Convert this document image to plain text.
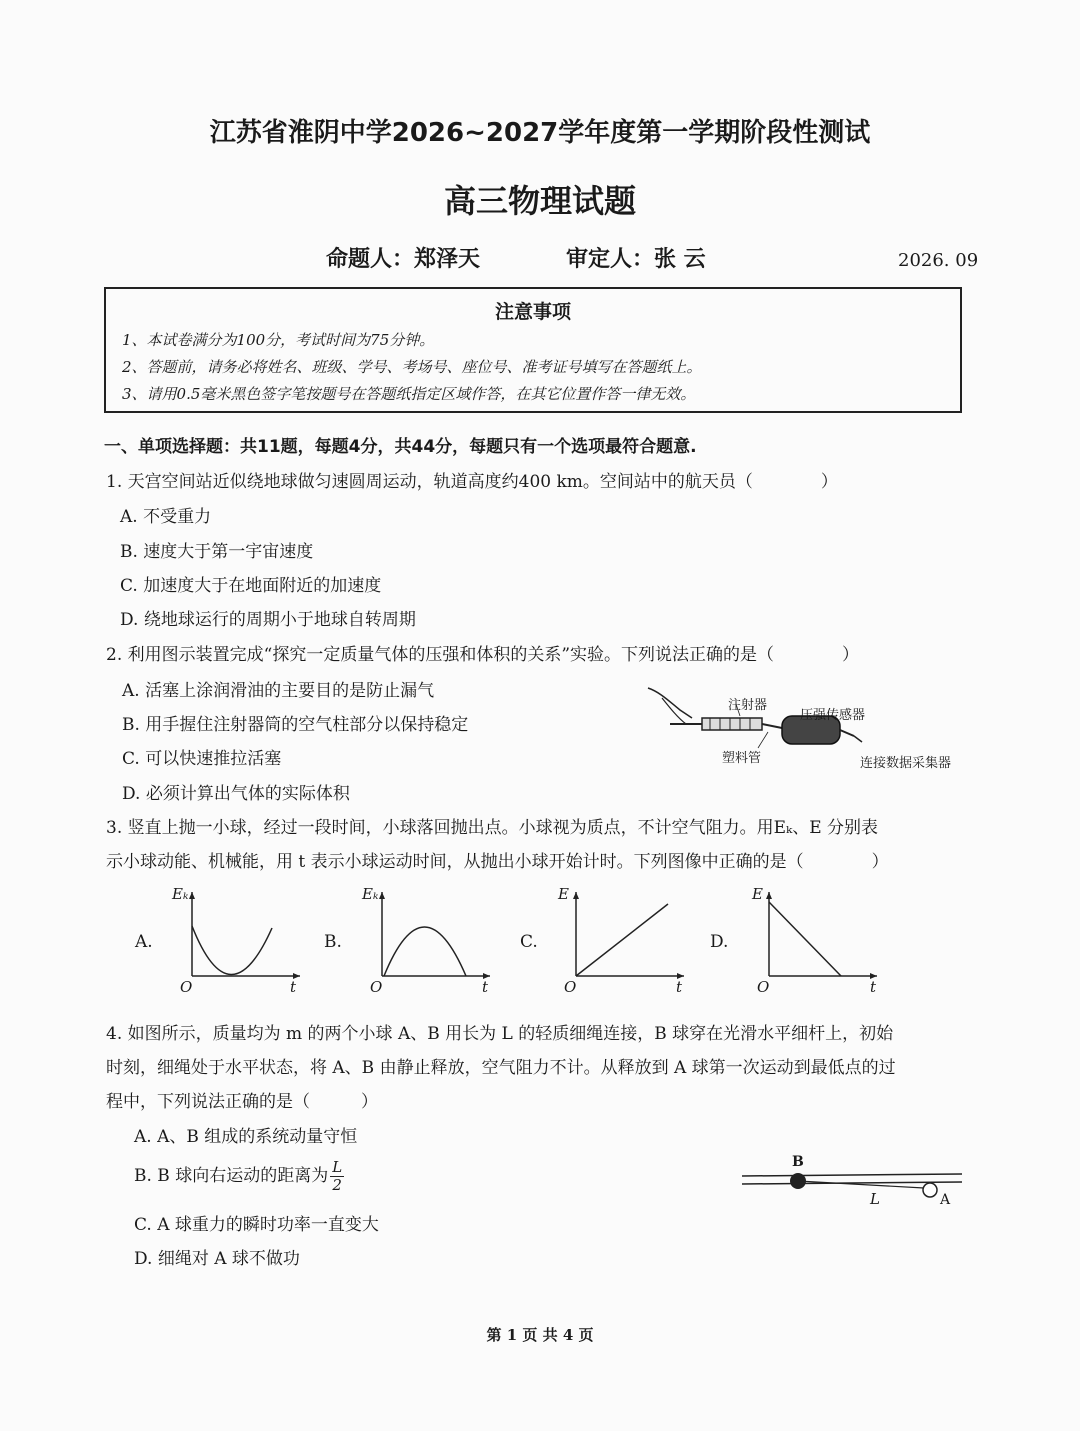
江苏省淮阴中学2026~2027学年度第一学期阶段性测试
高三物理试题
命题人：郑泽天	审定人：张 云	2026. 09
注意事项
1、本试卷满分为100分，考试时间为75分钟。
2、答题前，请务必将姓名、班级、学号、考场号、座位号、准考证号填写在答题纸上。
3、请用0.5毫米黑色签字笔按题号在答题纸指定区域作答，在其它位置作答一律无效。
一、单项选择题：共11题，每题4分，共44分，每题只有一个选项最符合题意.
1. 天宫空间站近似绕地球做匀速圆周运动，轨道高度约400 km。空间站中的航天员（　　　　）
A. 不受重力
B. 速度大于第一宇宙速度
C. 加速度大于在地面附近的加速度
D. 绕地球运行的周期小于地球自转周期
2. 利用图示装置完成“探究一定质量气体的压强和体积的关系”实验。下列说法正确的是（　　　　）
A. 活塞上涂润滑油的主要目的是防止漏气
B. 用手握住注射器筒的空气柱部分以保持稳定
C. 可以快速推拉活塞
D. 必须计算出气体的实际体积
注射器
压强传感器
塑料管	连接数据采集器
3. 竖直上抛一小球，经过一段时间，小球落回抛出点。小球视为质点，不计空气阻力。用Eₖ、E 分别表
示小球动能、机械能，用 t 表示小球运动时间，从抛出小球开始计时。下列图像中正确的是（　　　　）
A.
Eₖ
O	t
B.
Eₖ
O	t
C.
E
O	t
D.
E
O	t
4. 如图所示，质量均为 m 的两个小球 A、B 用长为 L 的轻质细绳连接，B 球穿在光滑水平细杆上，初始
时刻，细绳处于水平状态，将 A、B 由静止释放，空气阻力不计。从释放到 A 球第一次运动到最低点的过
程中，下列说法正确的是（　　　）
A. A、B 组成的系统动量守恒
B. B 球向右运动的距离为 $\frac{L}{2}$
C. A 球重力的瞬时功率一直变大
D. 细绳对 A 球不做功
B
L	A
第 1 页 共 4 页
